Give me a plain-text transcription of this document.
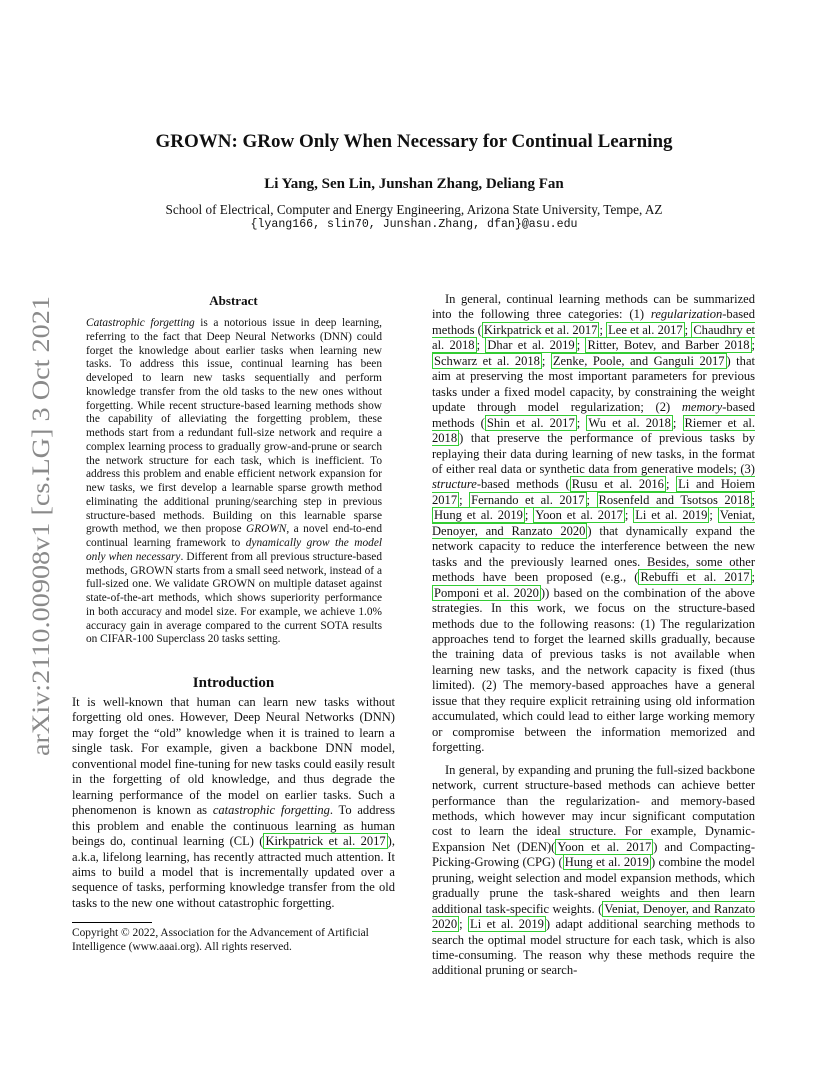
arXiv:2110.00908v1 [cs.LG] 3 Oct 2021
GROWN: GRow Only When Necessary for Continual Learning
Li Yang, Sen Lin, Junshan Zhang, Deliang Fan
School of Electrical, Computer and Energy Engineering, Arizona State University, Tempe, AZ
{lyang166, slin70, Junshan.Zhang, dfan}@asu.edu
Abstract

Catastrophic forgetting is a notorious issue in deep learning, referring to the fact that Deep Neural Networks (DNN) could forget the knowledge about earlier tasks when learning new tasks. To address this issue, continual learning has been developed to learn new tasks sequentially and perform knowledge transfer from the old tasks to the new ones without forgetting. While recent structure-based learning methods show the capability of alleviating the forgetting problem, these methods start from a redundant full-size network and require a complex learning process to gradually grow-and-prune or search the network structure for each task, which is inefficient. To address this problem and enable efficient network expansion for new tasks, we first develop a learnable sparse growth method eliminating the additional pruning/searching step in previous structure-based methods. Building on this learnable sparse growth method, we then propose GROWN, a novel end-to-end continual learning framework to dynamically grow the model only when necessary. Different from all previous structure-based methods, GROWN starts from a small seed network, instead of a full-sized one. We validate GROWN on multiple dataset against state-of-the-art methods, which shows superiority performance in both accuracy and model size. For example, we achieve 1.0% accuracy gain in average compared to the current SOTA results on CIFAR-100 Superclass 20 tasks setting.

Introduction

It is well-known that human can learn new tasks without forgetting old ones. However, Deep Neural Networks (DNN) may forget the “old” knowledge when it is trained to learn a single task. For example, given a backbone DNN model, conventional model fine-tuning for new tasks could easily result in the forgetting of old knowledge, and thus degrade the learning performance of the model on earlier tasks. Such a phenomenon is known as catastrophic forgetting. To address this problem and enable the continuous learning as human beings do, continual learning (CL) ( Kirkpatrick et al. 2017 ), a.k.a, lifelong learning, has recently attracted much attention. It aims to build a model that is incrementally updated over a sequence of tasks, performing knowledge transfer from the old tasks to the new one without catastrophic forgetting.

Copyright © 2022, Association for the Advancement of Artificial Intelligence (www.aaai.org). All rights reserved.

In general, continual learning methods can be summarized into the following three categories: (1) regularization-based methods ( Kirkpatrick et al. 2017 ; Lee et al. 2017 ; Chaudhry et al. 2018 ; Dhar et al. 2019 ; Ritter, Botev, and Barber 2018 ; Schwarz et al. 2018 ; Zenke, Poole, and Ganguli 2017 ) that aim at preserving the most important parameters for previous tasks under a fixed model capacity, by constraining the weight update through model regularization; (2) memory-based methods ( Shin et al. 2017 ; Wu et al. 2018 ; Riemer et al. 2018 ) that preserve the performance of previous tasks by replaying their data during learning of new tasks, in the format of either real data or synthetic data from generative models; (3) structure-based methods ( Rusu et al. 2016 ; Li and Hoiem 2017 ; Fernando et al. 2017 ; Rosenfeld and Tsotsos 2018 ; Hung et al. 2019 ; Yoon et al. 2017 ; Li et al. 2019 ; Veniat, Denoyer, and Ranzato 2020 ) that dynamically expand the network capacity to reduce the interference between the new tasks and the previously learned ones. Besides, some other methods have been proposed (e.g., ( Rebuffi et al. 2017 ; Pomponi et al. 2020 )) based on the combination of the above strategies. In this work, we focus on the structure-based methods due to the following reasons: (1) The regularization approaches tend to forget the learned skills gradually, because the training data of previous tasks is not available when learning new tasks, and the network capacity is fixed (thus limited). (2) The memory-based approaches have a general issue that they require explicit retraining using old information accumulated, which could lead to either large working memory or compromise between the information memorized and forgetting.

In general, by expanding and pruning the full-sized backbone network, current structure-based methods can achieve better performance than the regularization- and memory-based methods, which however may incur significant computation cost to learn the ideal structure. For example, Dynamic-Expansion Net (DEN)( Yoon et al. 2017 ) and Compacting-Picking-Growing (CPG) ( Hung et al. 2019 ) combine the model pruning, weight selection and model expansion methods, which gradually prune the task-shared weights and then learn additional task-specific weights. ( Veniat, Denoyer, and Ranzato 2020 ; Li et al. 2019 ) adapt additional searching methods to search the optimal model structure for each task, which is also time-consuming. The reason why these methods require the additional pruning or search-
